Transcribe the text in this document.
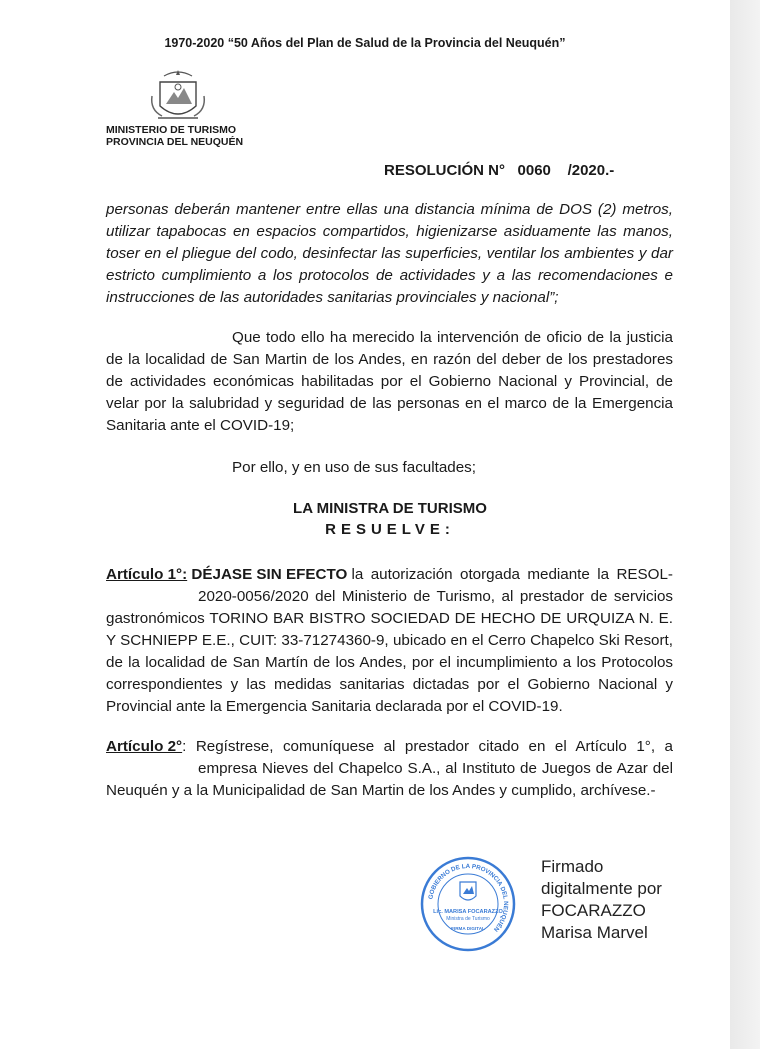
1970-2020 “50 Años del Plan de Salud de la Provincia del Neuquén”
MINISTERIO DE TURISMO
PROVINCIA DEL NEUQUÉN
RESOLUCIÓN N° 0060 /2020.-

personas deberán mantener entre ellas una distancia mínima de DOS (2) metros, utilizar tapabocas en espacios compartidos, higienizarse asiduamente las manos, toser en el pliegue del codo, desinfectar las superficies, ventilar los ambientes y dar estricto cumplimiento a los protocolos de actividades y a las recomendaciones e instrucciones de las autoridades sanitarias provinciales y nacional”;

Que todo ello ha merecido la intervención de oficio de la justicia de la localidad de San Martin de los Andes, en razón del deber de los prestadores de actividades económicas habilitadas por el Gobierno Nacional y Provincial, de velar por la salubridad y seguridad de las personas en el marco de la Emergencia Sanitaria ante el COVID-19;

Por ello, y en uso de sus facultades;

LA MINISTRA DE TURISMO
RESUELVE:
Artículo 1°:
DÉJASE SIN EFECTO
la autorización otorgada mediante la RESOL-
2020-0056/2020 del Ministerio de Turismo, al prestador de servicios
gastronómicos TORINO BAR BISTRO SOCIEDAD DE HECHO DE URQUIZA N. E. Y SCHNIEPP E.E., CUIT: 33-71274360-9, ubicado en el Cerro Chapelco Ski Resort, de la localidad de San Martín de los Andes, por el incumplimiento a los Protocolos correspondientes y las medidas sanitarias dictadas por el Gobierno Nacional y Provincial ante la Emergencia Sanitaria declarada por el COVID-19.
Artículo 2° : Regístrese, comuníquese al prestador citado en el Artículo 1°, a
empresa Nieves del Chapelco S.A., al Instituto de Juegos de Azar del
Neuquén y a la Municipalidad de San Martin de los Andes y cumplido, archívese.-
GOBIERNO DE LA PROVINCIA DEL NEUQUÉN
Lic. MARISA FOCARAZZO
Ministra de Turismo
FIRMA DIGITAL
Firmado
digitalmente por
FOCARAZZO
Marisa Marvel
